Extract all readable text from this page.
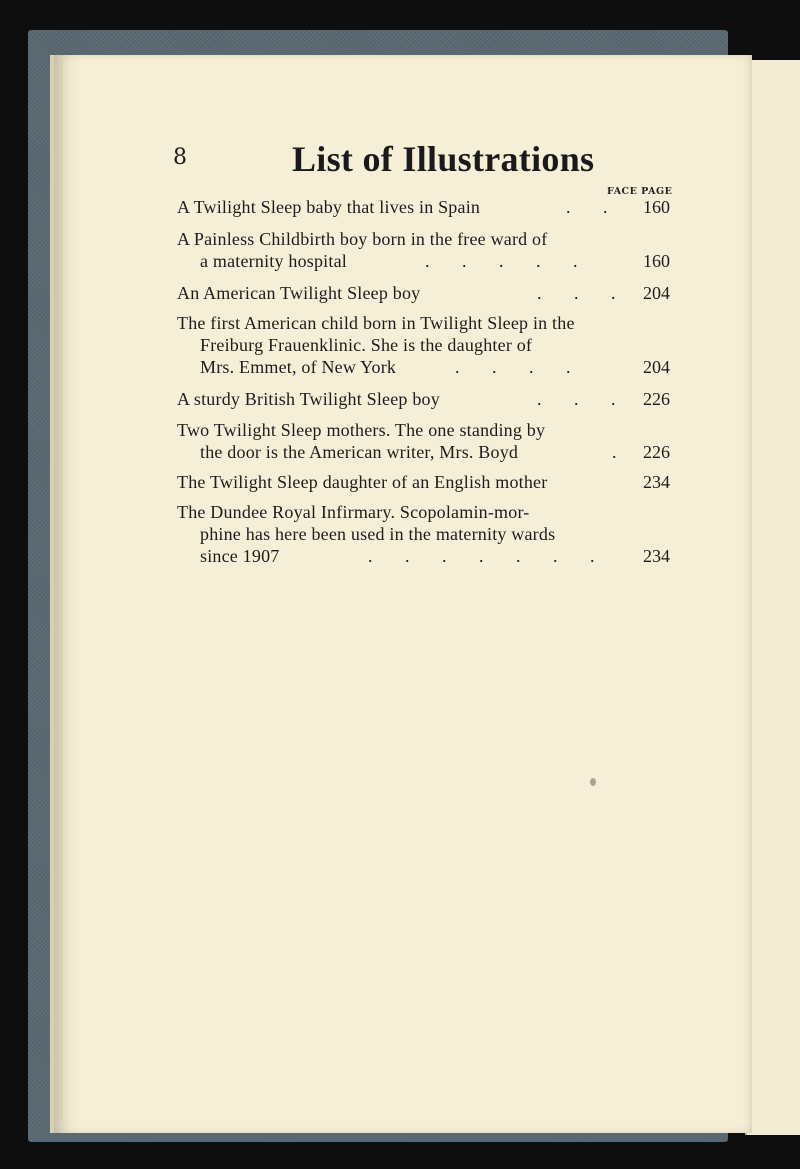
8	List of Illustrations
FACE PAGE
A Twilight Sleep baby that lives in Spain	. . 160
A Painless Childbirth boy born in the free ward of
a maternity hospital	. . . . .	160
An American Twilight Sleep boy	. . . 204
The first American child born in Twilight Sleep in the
Freiburg Frauenklinic. She is the daughter of
Mrs. Emmet, of New York	. . . .	204
A sturdy British Twilight Sleep boy	. . . 226
Two Twilight Sleep mothers. The one standing by
the door is the American writer, Mrs. Boyd	. 226
The Twilight Sleep daughter of an English mother	234
The Dundee Royal Infirmary. Scopolamin-mor-
phine has here been used in the maternity wards
since 1907	. . . . . . . 234
